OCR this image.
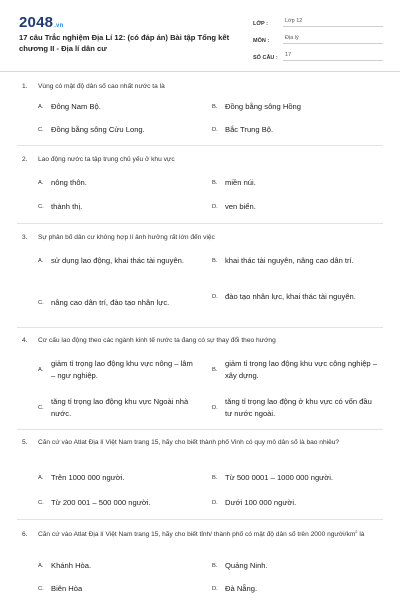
2048.vn
17 câu Trắc nghiệm Địa Lí 12: (có đáp án) Bài tập Tổng kết chương II - Địa lí dân cư
LỚP :	Lớp 12
MÔN :	Địa lý
SỐ CÂU :	17
1. Vùng có mật độ dân số cao nhất nước ta là
A. Đông Nam Bộ.	B. Đồng bằng sông Hồng
C. Đồng bằng sông Cửu Long.	D. Bắc Trung Bộ.
2. Lao động nước ta tập trung chủ yếu ở khu vực
A. nông thôn.	B. miền núi.
C. thành thị.	D. ven biển.
3. Sự phân bố dân cư không hợp lí ảnh hưởng rất lớn đến việc
A. sử dụng lao động, khai thác tài nguyên.	B. khai thác tài nguyên, nâng cao dân trí.
C. nâng cao dân trí, đào tạo nhân lực.
D. đào tạo nhân lực, khai thác tài nguyên.
4. Cơ cấu lao động theo các ngành kinh tế nước ta đang có sự thay đổi theo hướng
A.
giảm tỉ trọng lao động khu vực nông – lâm – ngư nghiệp.
B.
giảm tỉ trọng lao động khu vực công nghiệp – xây dựng.
C.
tăng tỉ trọng lao động khu vực Ngoài nhà nước.
D.
tăng tỉ trọng lao động ở khu vực có vốn đầu tư nước ngoài.
5. Căn cứ vào Atlat Địa lí Việt Nam trang 15, hãy cho biết thành phố Vinh có quy mô dân số là bao nhiêu?
A. Trên 1000 000 người.	B. Từ 500 0001 – 1000 000 người.
C. Từ 200 001 – 500 000 người.	D. Dưới 100 000 người.
6. Căn cứ vào Atlat Địa lí Việt Nam trang 15, hãy cho biết tỉnh/ thành phố có mật độ dân số trên 2000 người/$km^2$ là
A. Khánh Hòa.	B. Quảng Ninh.
C. Biên Hòa	D. Đà Nẵng.
